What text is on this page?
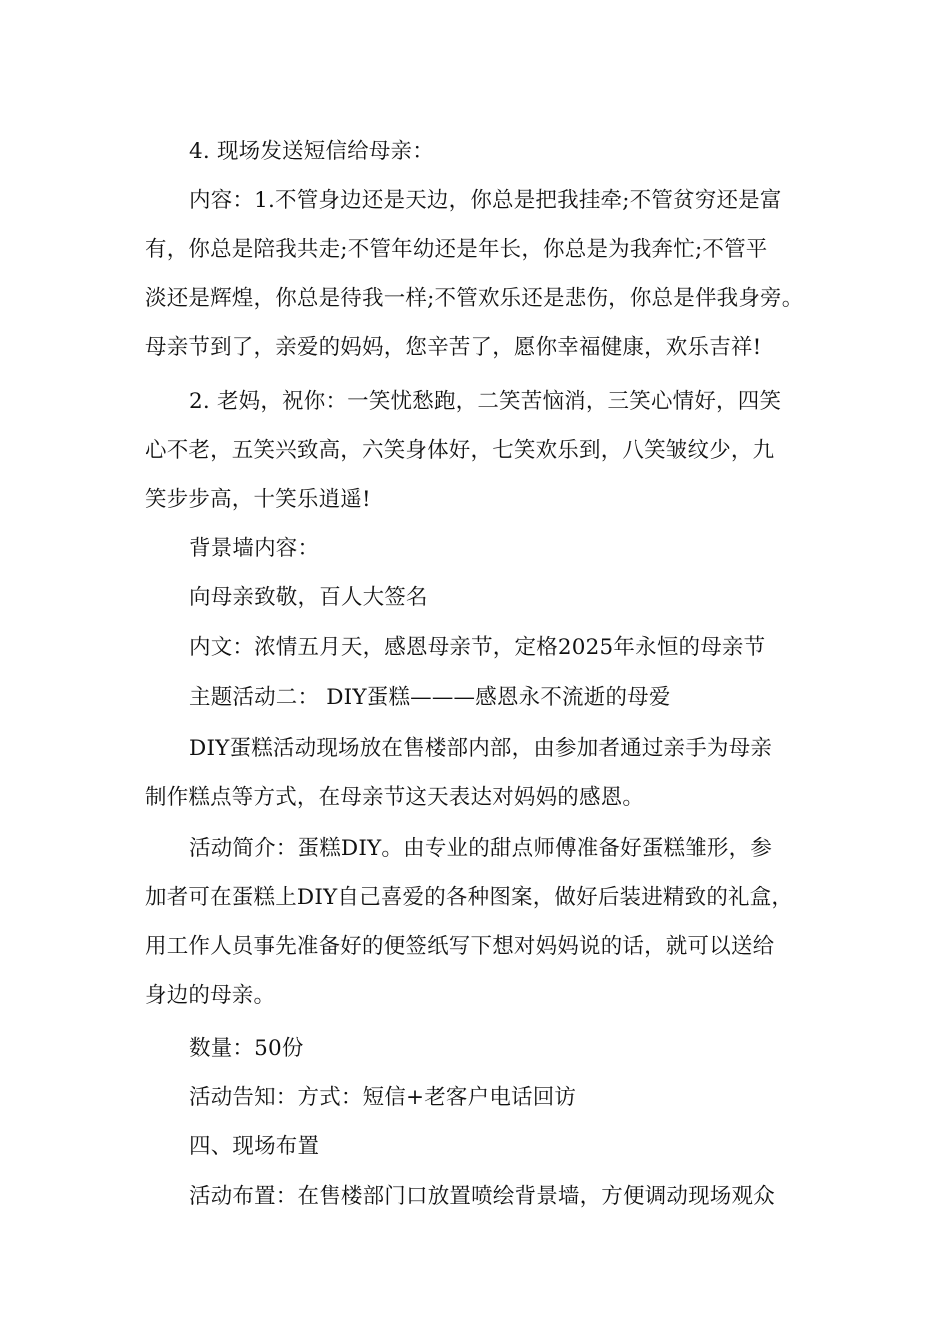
4. 现场发送短信给母亲：
内容：1.不管身边还是天边，你总是把我挂牵;不管贫穷还是富
有，你总是陪我共走;不管年幼还是年长，你总是为我奔忙;不管平
淡还是辉煌，你总是待我一样;不管欢乐还是悲伤，你总是伴我身旁。
母亲节到了，亲爱的妈妈，您辛苦了，愿你幸福健康，欢乐吉祥!
2. 老妈，祝你：一笑忧愁跑，二笑苦恼消，三笑心情好，四笑
心不老，五笑兴致高，六笑身体好，七笑欢乐到，八笑皱纹少，九
笑步步高，十笑乐逍遥!
背景墙内容：
向母亲致敬，百人大签名
内文：浓情五月天，感恩母亲节，定格2025年永恒的母亲节
主题活动二： DIY蛋糕———感恩永不流逝的母爱
DIY蛋糕活动现场放在售楼部内部，由参加者通过亲手为母亲
制作糕点等方式，在母亲节这天表达对妈妈的感恩。
活动简介：蛋糕DIY。由专业的甜点师傅准备好蛋糕雏形，参
加者可在蛋糕上DIY自己喜爱的各种图案，做好后装进精致的礼盒，
用工作人员事先准备好的便签纸写下想对妈妈说的话，就可以送给
身边的母亲。
数量：50份
活动告知：方式：短信+老客户电话回访
四、现场布置
活动布置：在售楼部门口放置喷绘背景墙，方便调动现场观众
